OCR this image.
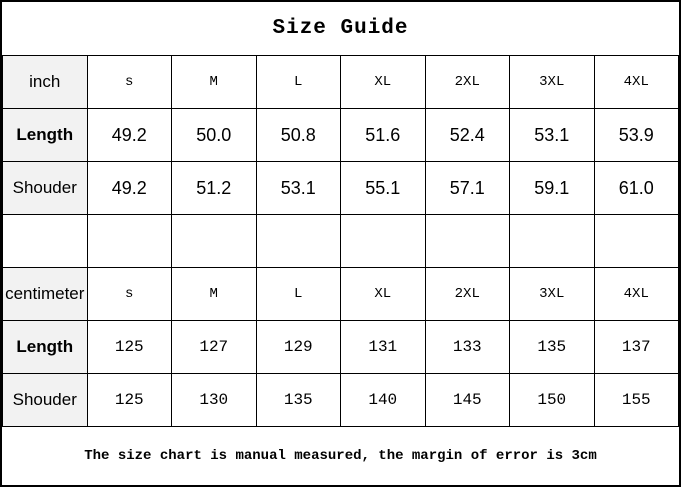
Size Guide
inch	s	M	L	XL	2XL	3XL	4XL
Length	49.2	50.0	50.8	51.6	52.4	53.1	53.9
Shouder	49.2	51.2	53.1	55.1	57.1	59.1	61.0

centimeter	s	M	L	XL	2XL	3XL	4XL
Length	125	127	129	131	133	135	137
Shouder	125	130	135	140	145	150	155
The size chart is manual measured, the margin of error is 3cm
